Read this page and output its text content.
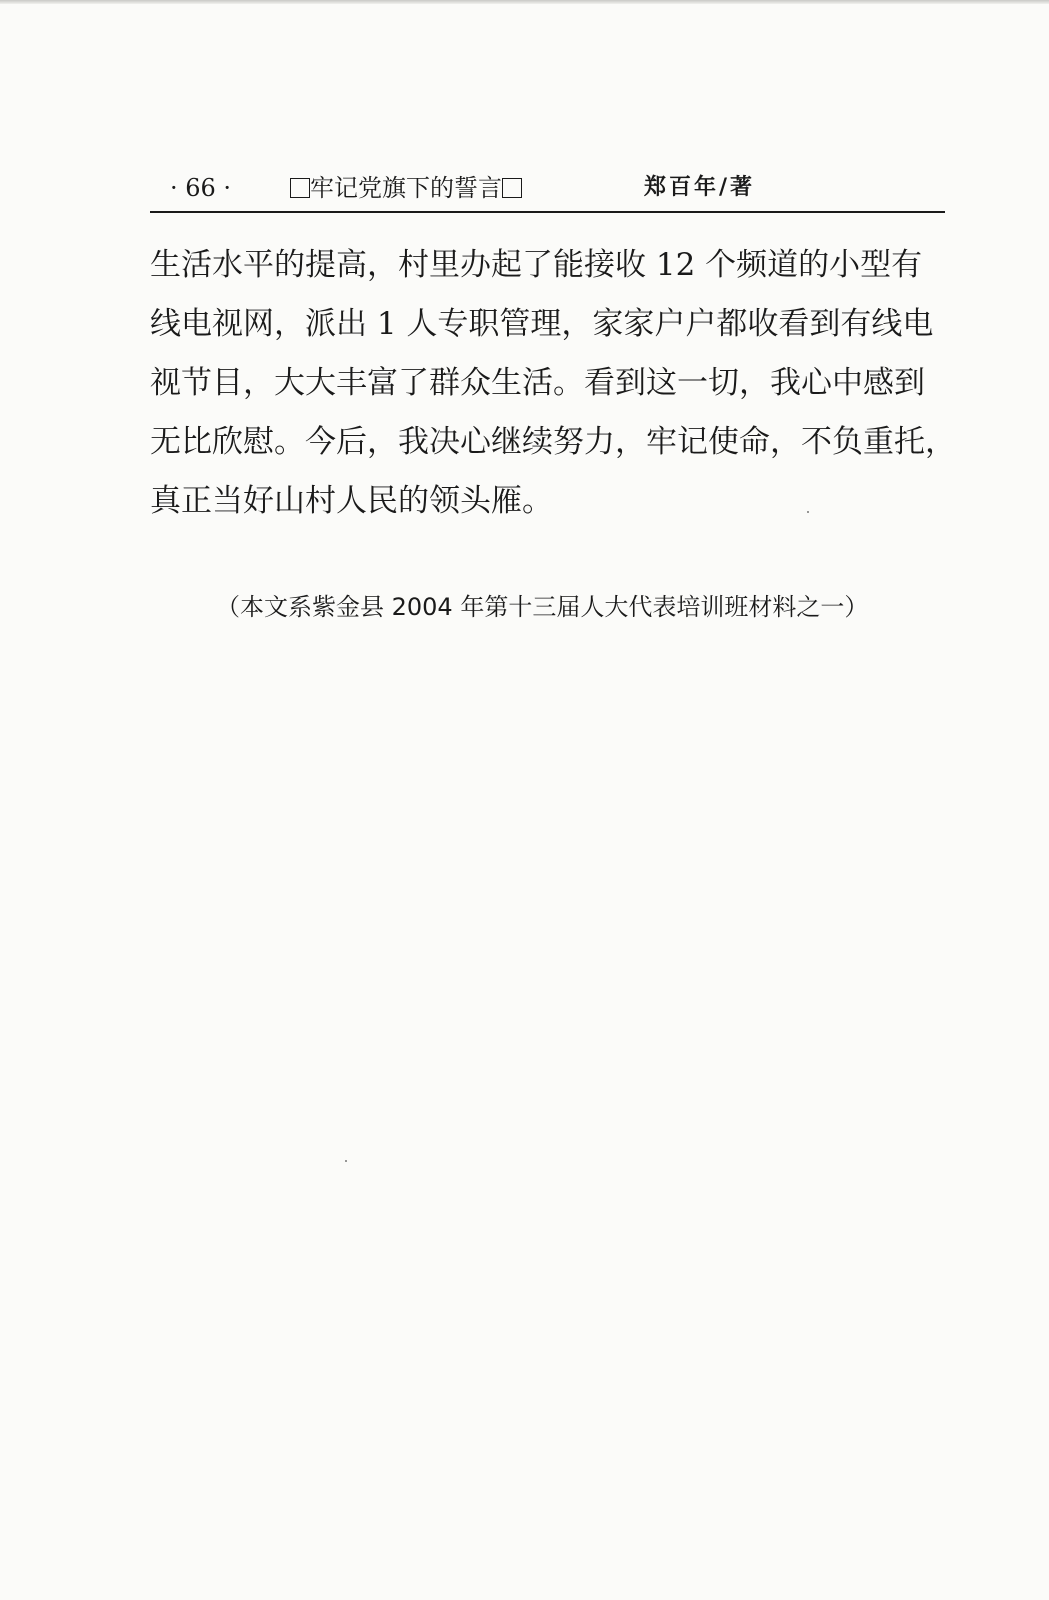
· 66 ·	牢记党旗下的誓言	郑百年/著

生活水平的提高，村里办起了能接收 12 个频道的小型有
线电视网，派出 1 人专职管理，家家户户都收看到有线电
视节目，大大丰富了群众生活。看到这一切，我心中感到
无比欣慰。今后，我决心继续努力，牢记使命，不负重托，
真正当好山村人民的领头雁。

（本文系紫金县 2004 年第十三届人大代表培训班材料之一）
